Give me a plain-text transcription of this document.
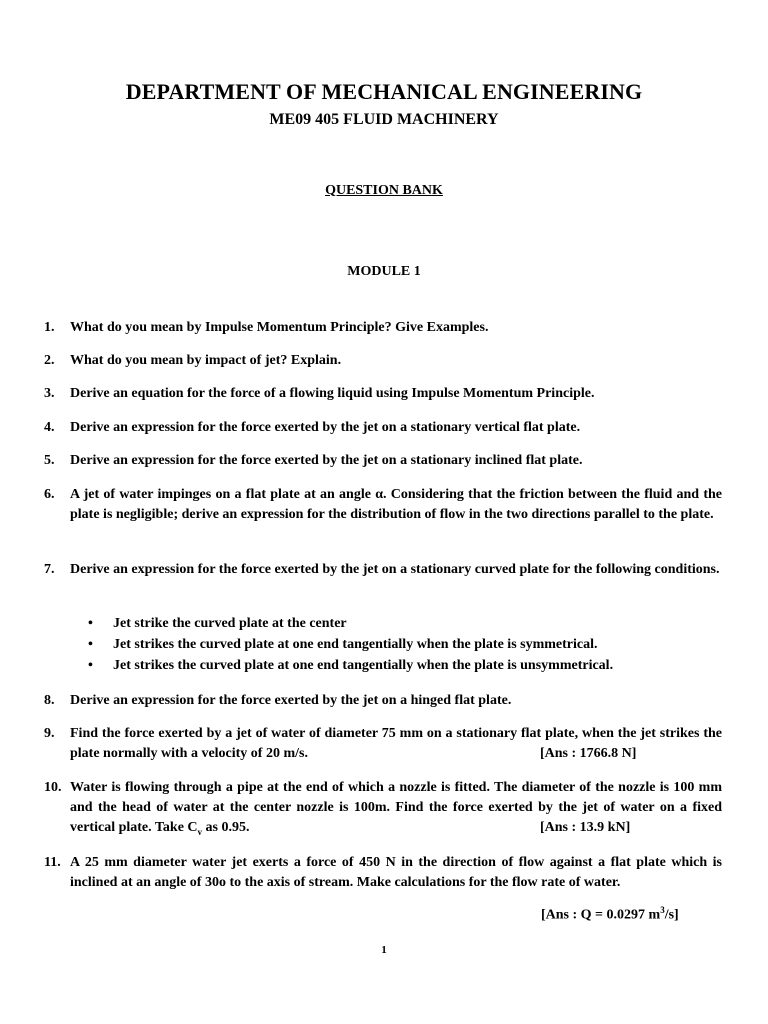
DEPARTMENT OF MECHANICAL ENGINEERING
ME09 405 FLUID MACHINERY
QUESTION BANK
MODULE 1
1.	What do you mean by Impulse Momentum Principle? Give Examples.
2.	What do you mean by impact of jet? Explain.
3.	Derive an equation for the force of a flowing liquid using Impulse Momentum Principle.
4.	Derive an expression for the force exerted by the jet on a stationary vertical flat plate.
5.	Derive an expression for the force exerted by the jet on a stationary inclined flat plate.
6.	A jet of water impinges on a flat plate at an angle α. Considering that the friction between the fluid and the plate is negligible; derive an expression for the distribution of flow in the two directions parallel to the plate.
7.	Derive an expression for the force exerted by the jet on a stationary curved plate for the following conditions.
• Jet strike the curved plate at the center
• Jet strikes the curved plate at one end tangentially when the plate is symmetrical.
• Jet strikes the curved plate at one end tangentially when the plate is unsymmetrical.
8.	Derive an expression for the force exerted by the jet on a hinged flat plate.
9.	Find the force exerted by a jet of water of diameter 75 mm on a stationary flat plate, when the jet strikes the plate normally with a velocity of 20 m/s.	[Ans : 1766.8 N]
10. Water is flowing through a pipe at the end of which a nozzle is fitted. The diameter of the nozzle is 100 mm and the head of water at the center nozzle is 100m. Find the force exerted by the jet of water on a fixed vertical plate. Take $C_v$ as 0.95.	[Ans : 13.9 kN]
11. A 25 mm diameter water jet exerts a force of 450 N in the direction of flow against a flat plate which is inclined at an angle of 30o to the axis of stream. Make calculations for the flow rate of water.
[Ans : Q = 0.0297 $m^3/s$]
1
